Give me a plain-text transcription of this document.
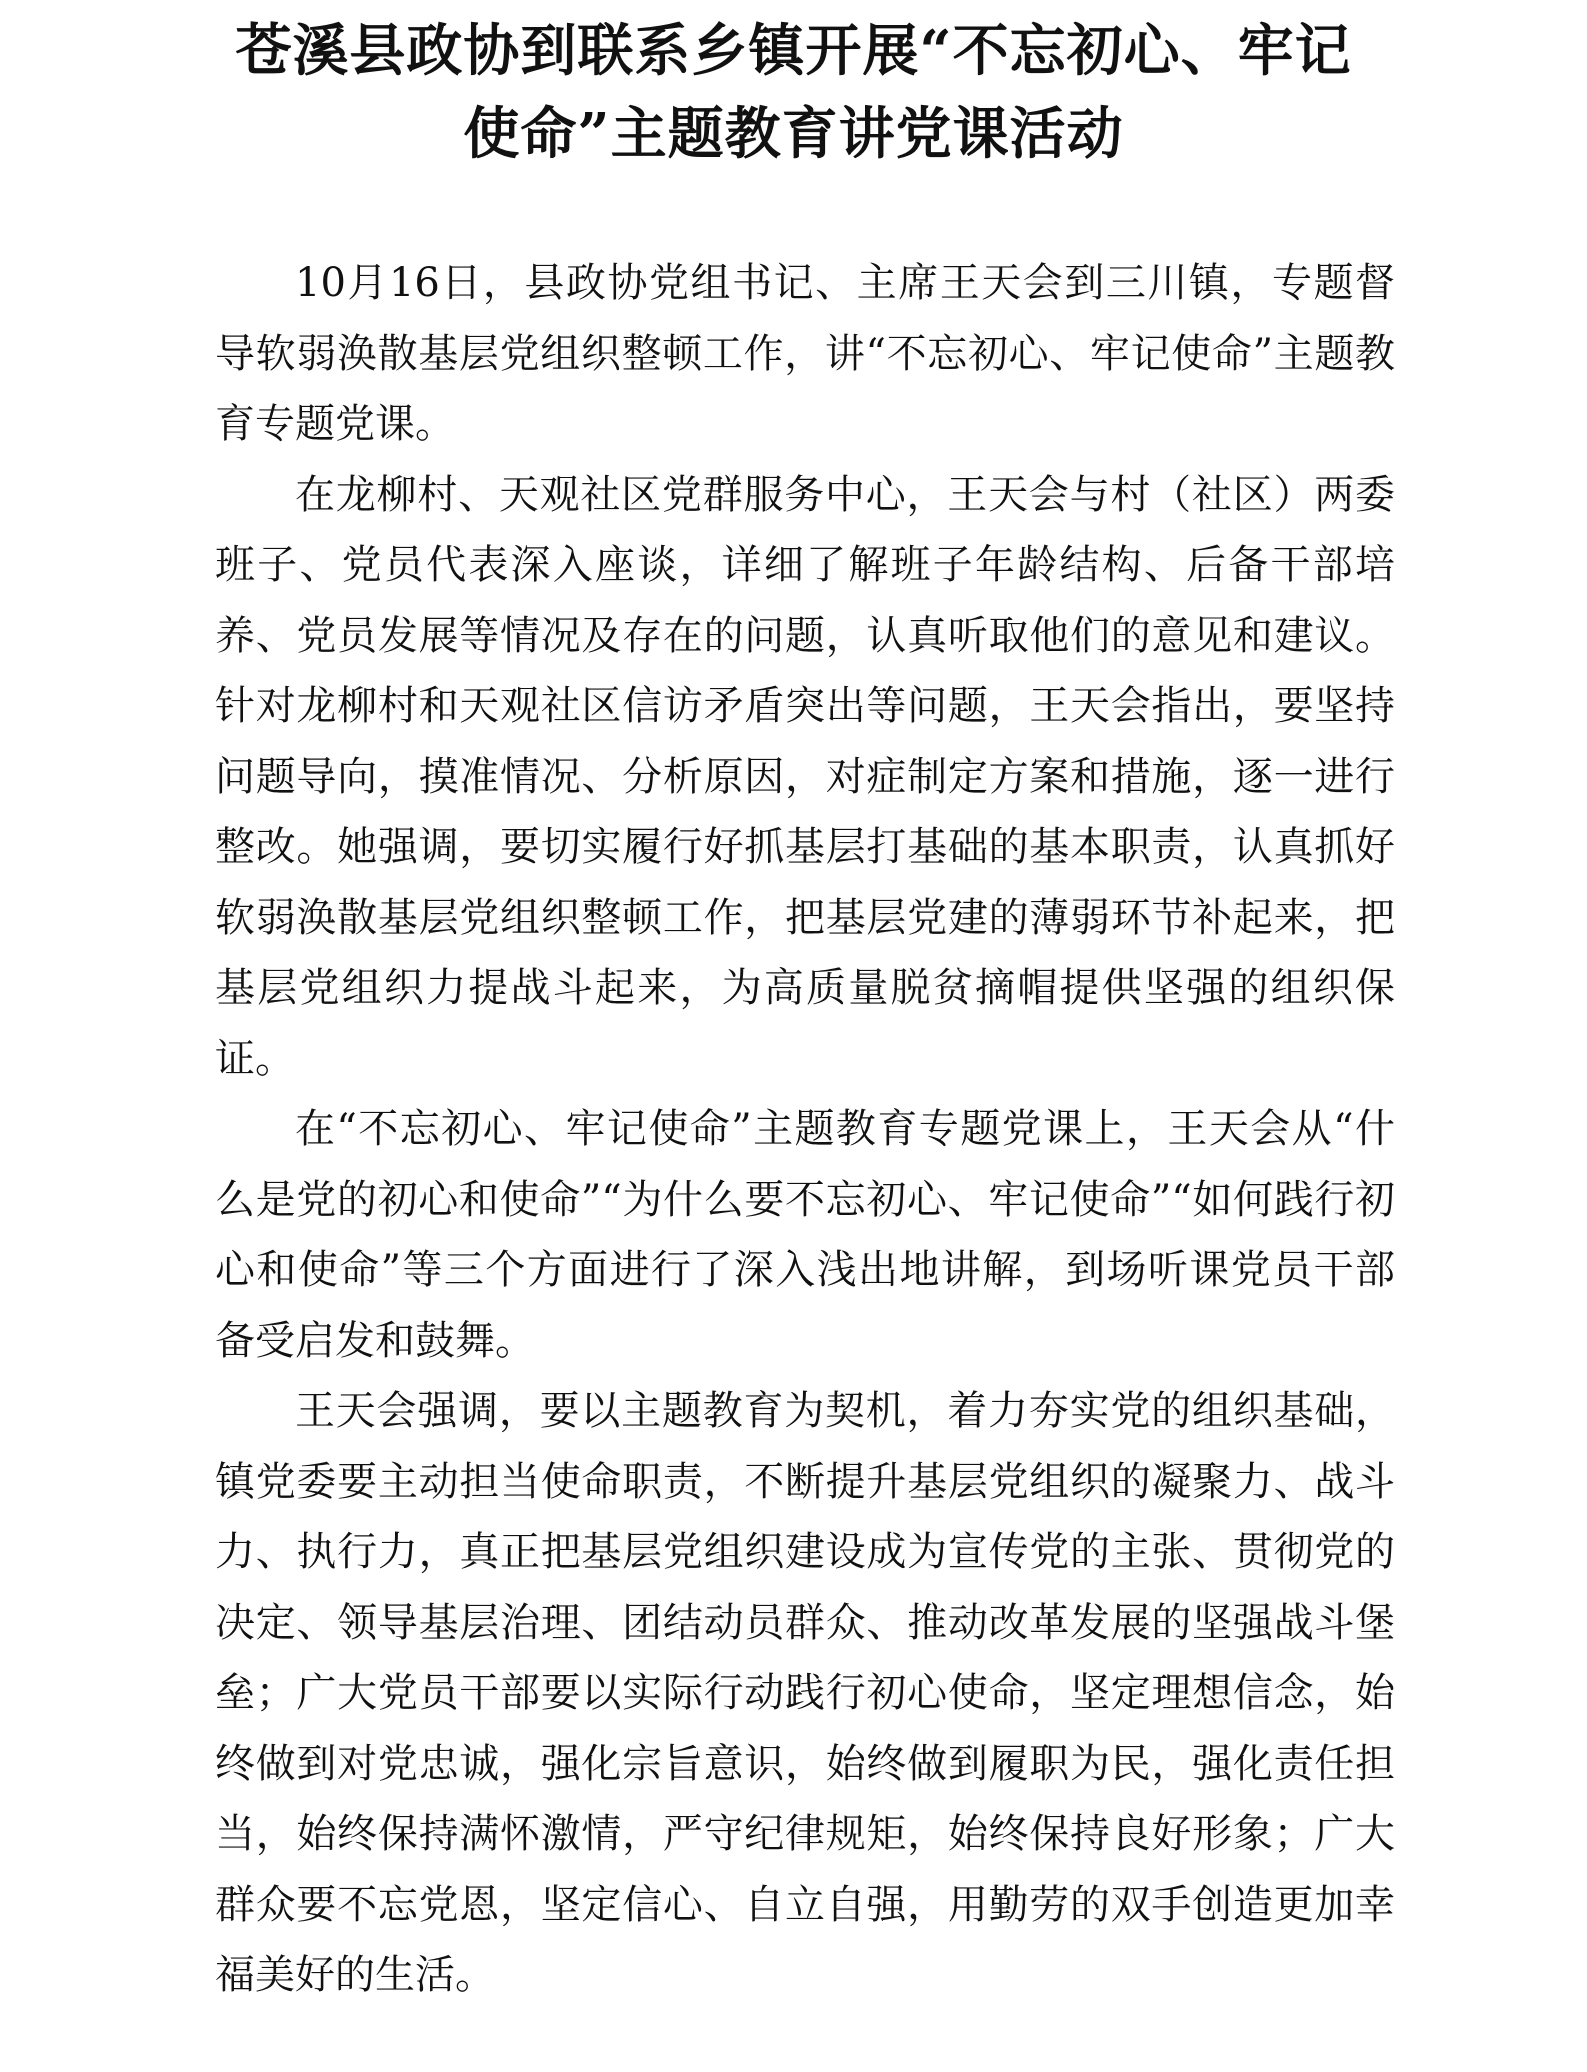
苍溪县政协到联系乡镇开展“不忘初心、牢记
使命”主题教育讲党课活动

10月16日，县政协党组书记、主席王天会到三川镇，专题督导软弱涣散基层党组织整顿工作，讲“不忘初心、牢记使命”主题教育专题党课。

在龙柳村、天观社区党群服务中心，王天会与村（社区）两委班子、党员代表深入座谈，详细了解班子年龄结构、后备干部培养、党员发展等情况及存在的问题，认真听取他们的意见和建议。针对龙柳村和天观社区信访矛盾突出等问题，王天会指出，要坚持问题导向，摸准情况、分析原因，对症制定方案和措施，逐一进行整改。她强调，要切实履行好抓基层打基础的基本职责，认真抓好软弱涣散基层党组织整顿工作，把基层党建的薄弱环节补起来，把基层党组织力提战斗起来，为高质量脱贫摘帽提供坚强的组织保证。

在“不忘初心、牢记使命”主题教育专题党课上，王天会从“什么是党的初心和使命”“为什么要不忘初心、牢记使命”“如何践行初心和使命”等三个方面进行了深入浅出地讲解，到场听课党员干部备受启发和鼓舞。

王天会强调，要以主题教育为契机，着力夯实党的组织基础，镇党委要主动担当使命职责，不断提升基层党组织的凝聚力、战斗力、执行力，真正把基层党组织建设成为宣传党的主张、贯彻党的决定、领导基层治理、团结动员群众、推动改革发展的坚强战斗堡垒；广大党员干部要以实际行动践行初心使命，坚定理想信念，始终做到对党忠诚，强化宗旨意识，始终做到履职为民，强化责任担当，始终保持满怀激情，严守纪律规矩，始终保持良好形象；广大群众要不忘党恩，坚定信心、自立自强，用勤劳的双手创造更加幸福美好的生活。
